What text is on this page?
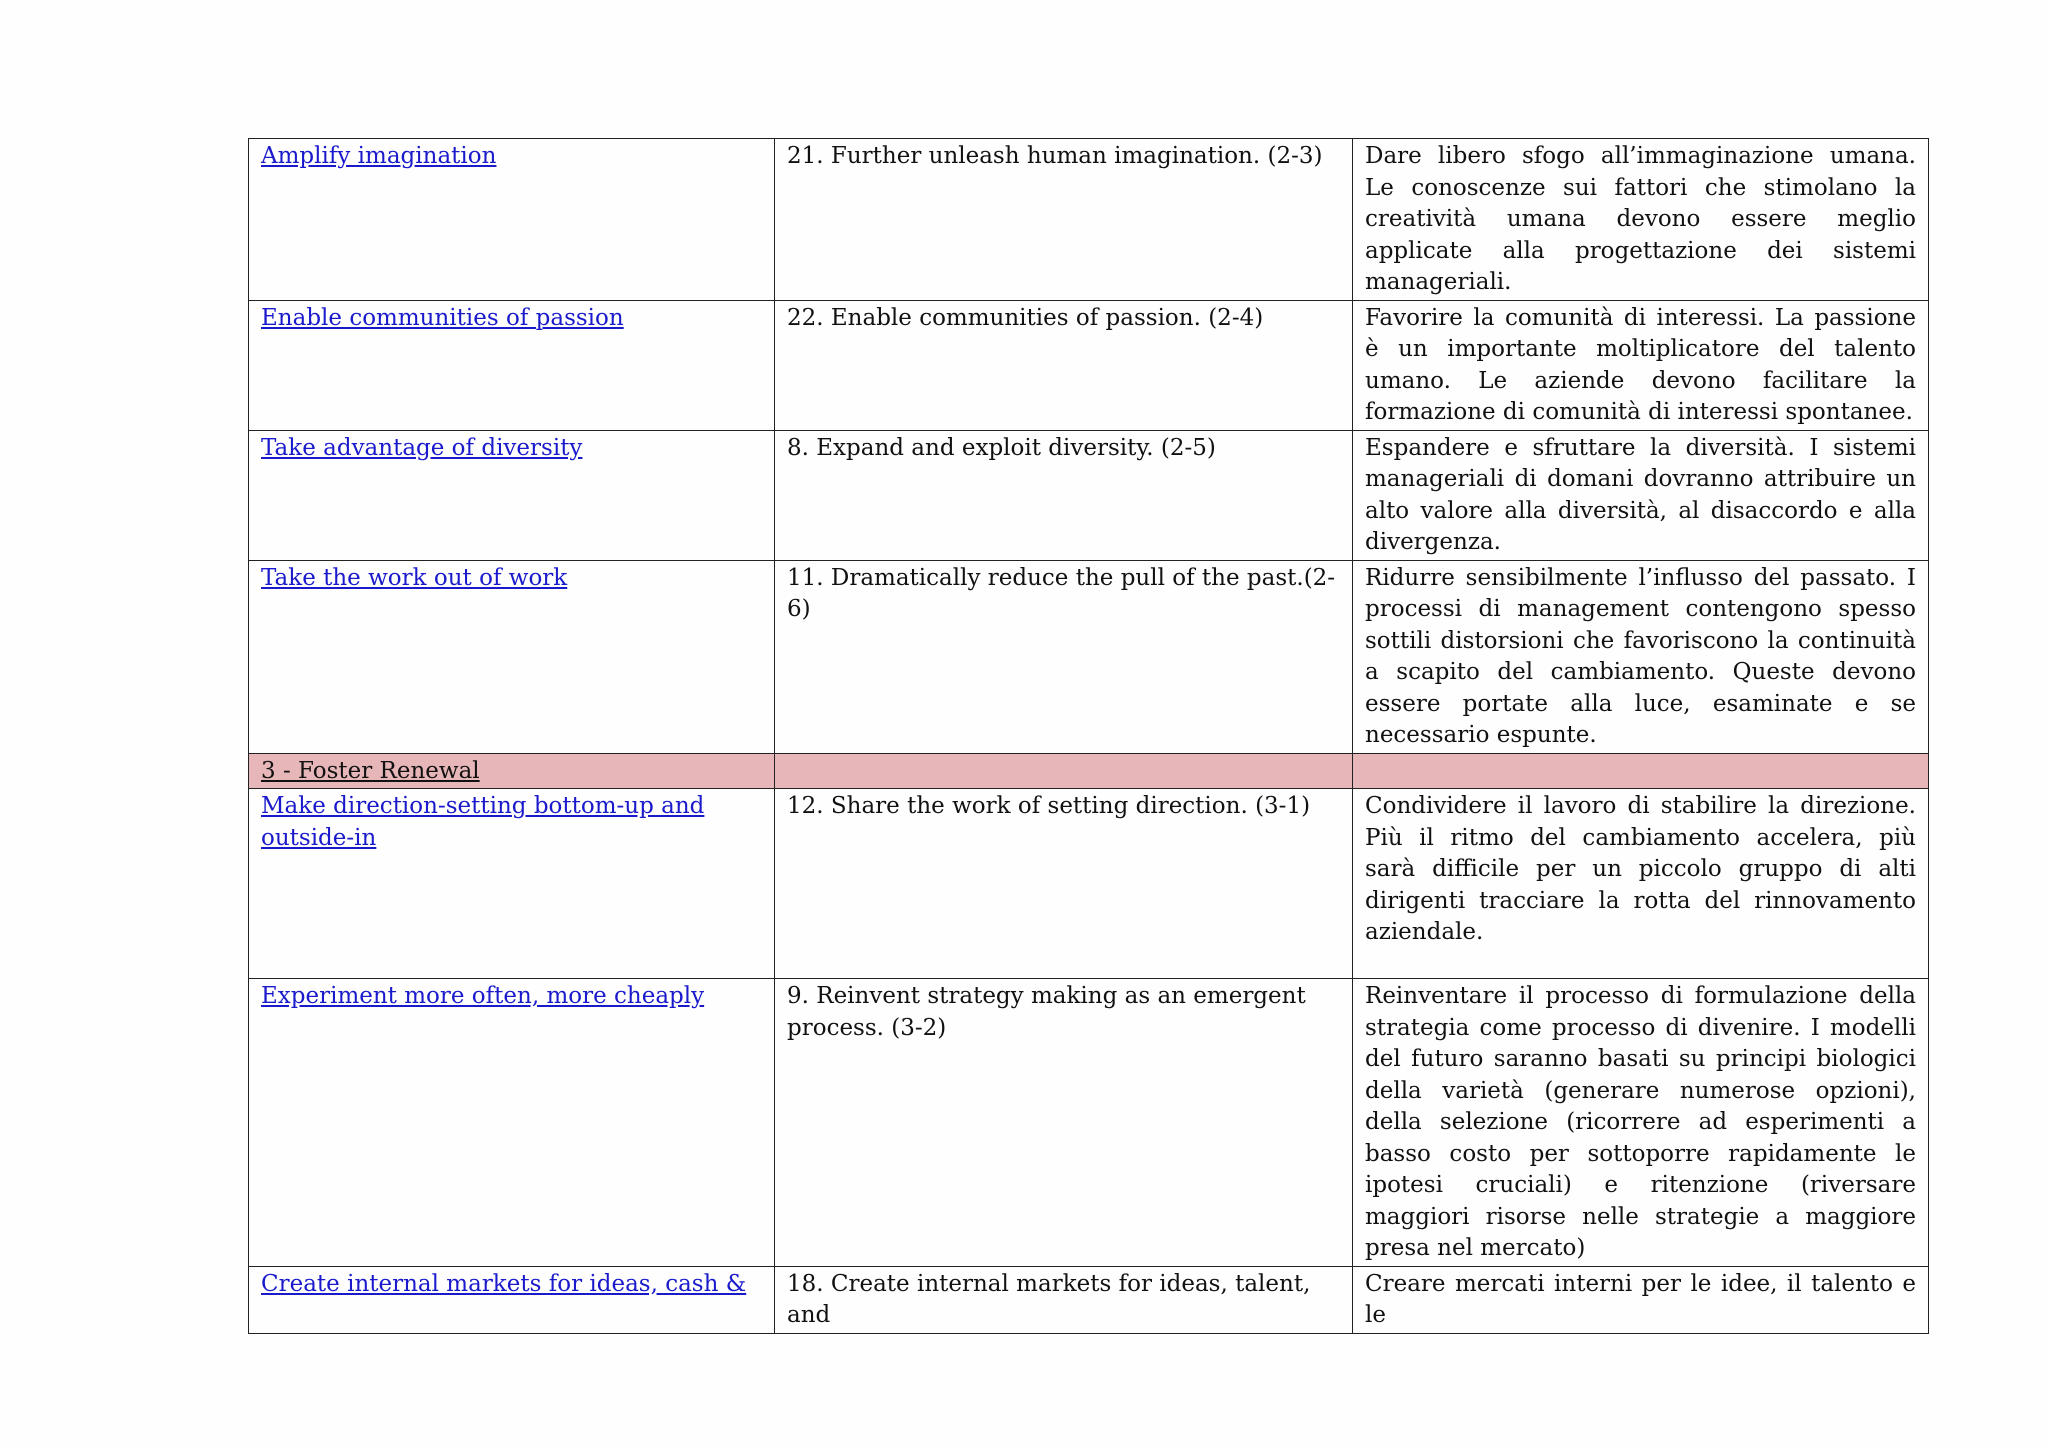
Amplify imagination	21. Further unleash human imagination. (2-3)	Dare libero sfogo all’immaginazione umana. Le conoscenze sui fattori che stimolano la creatività umana devono essere meglio applicate alla progettazione dei sistemi manageriali.
Enable communities of passion	22. Enable communities of passion. (2-4)	Favorire la comunità di interessi. La passione è un importante moltiplicatore del talento umano. Le aziende devono facilitare la formazione di comunità di interessi spontanee.
Take advantage of diversity	8. Expand and exploit diversity. (2-5)	Espandere e sfruttare la diversità. I sistemi manageriali di domani dovranno attribuire un alto valore alla diversità, al disaccordo e alla divergenza.
Take the work out of work	11. Dramatically reduce the pull of the past.(2-6)	Ridurre sensibilmente l’influsso del passato. I processi di management contengono spesso sottili distorsioni che favoriscono la continuità a scapito del cambiamento. Queste devono essere portate alla luce, esaminate e se necessario espunte.
3 - Foster Renewal		
Make direction-setting bottom-up and outside-in	12. Share the work of setting direction. (3-1)	Condividere il lavoro di stabilire la direzione. Più il ritmo del cambiamento accelera, più sarà difficile per un piccolo gruppo di alti dirigenti tracciare la rotta del rinnovamento aziendale.
Experiment more often, more cheaply	9. Reinvent strategy making as an emergent process. (3-2)	Reinventare il processo di formulazione della strategia come processo di divenire. I modelli del futuro saranno basati su principi biologici della varietà (generare numerose opzioni), della selezione (ricorrere ad esperimenti a basso costo per sottoporre rapidamente le ipotesi cruciali) e ritenzione (riversare maggiori risorse nelle strategie a maggiore presa nel mercato)
Create internal markets for ideas, cash &	18. Create internal markets for ideas, talent, and	Creare mercati interni per le idee, il talento e le
